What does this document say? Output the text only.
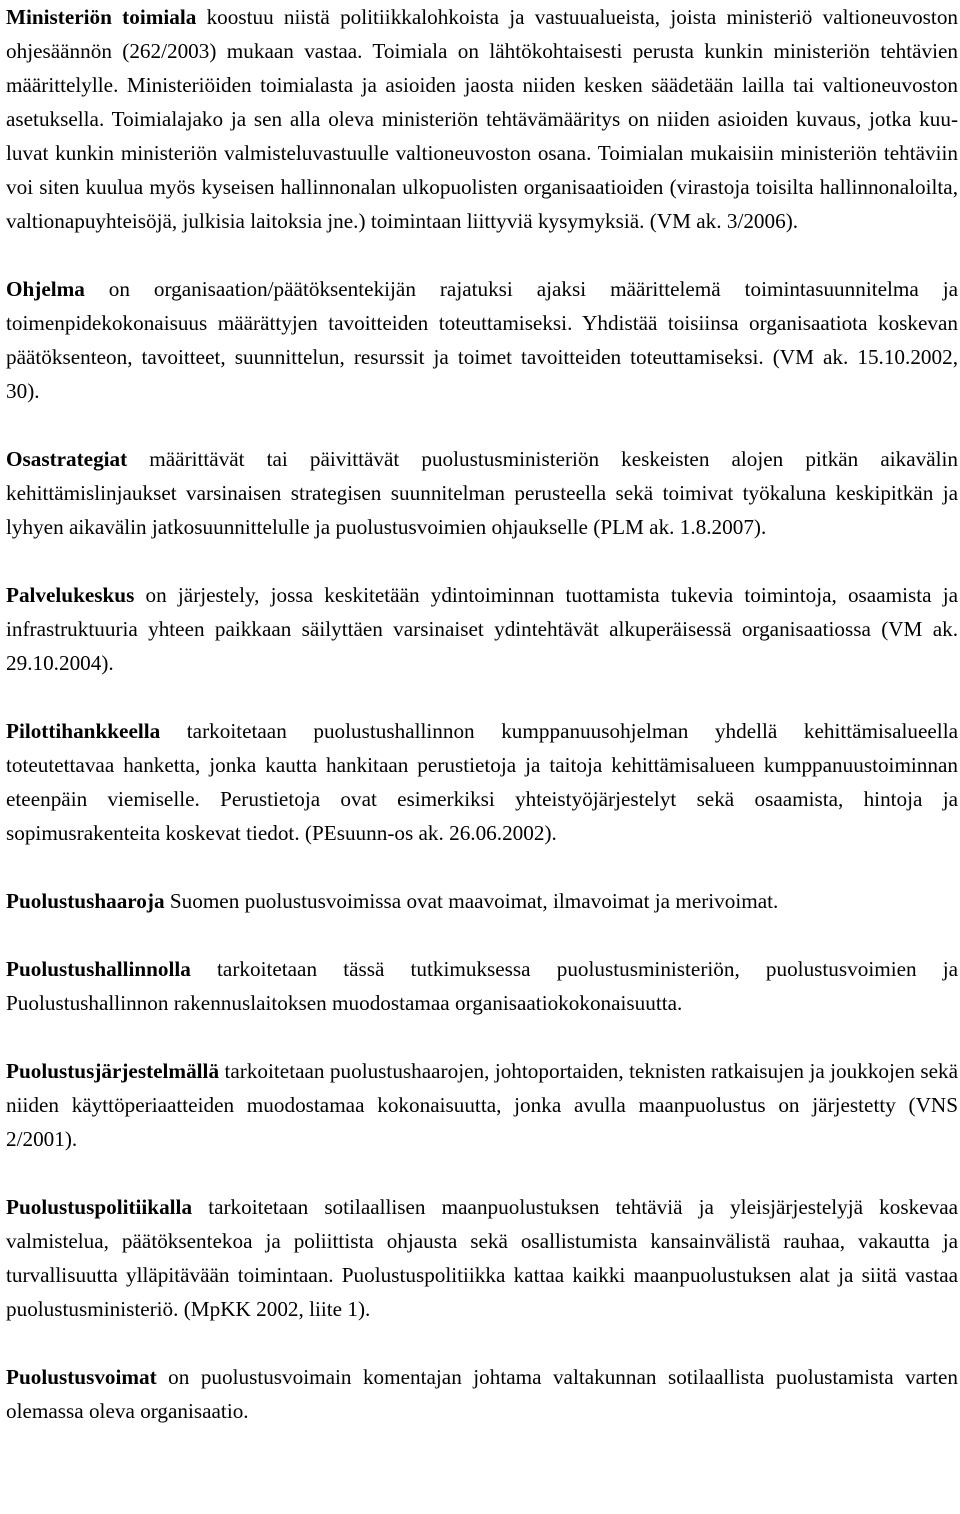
Ministeriön toimiala koostuu niistä politiikkalohkoista ja vastuualueista, joista ministeriö valtioneuvoston ohjesäännön (262/2003) mukaan vastaa. Toimiala on lähtökohtaisesti perusta kunkin ministeriön tehtävien määrittelylle. Ministeriöiden toimialasta ja asioiden jaosta niiden kesken säädetään lailla tai valtioneuvoston asetuksella. Toimialajako ja sen alla oleva ministeriön tehtävämääritys on niiden asioiden kuvaus, jotka kuuluvat kunkin ministeriön valmisteluvastuulle valtioneuvoston osana. Toimialan mukaisiin ministeriön tehtäviin voi siten kuulua myös kyseisen hallinnonalan ulkopuolisten organisaatioiden (virastoja toisilta hallinnonaloilta, valtionapuyhteisöjä, julkisia laitoksia jne.) toimintaan liittyviä kysymyksiä. (VM ak. 3/2006).

Ohjelma on organisaation/päätöksentekijän rajatuksi ajaksi määrittelemä toimintasuunnitelma ja toimenpidekokonaisuus määrättyjen tavoitteiden toteuttamiseksi. Yhdistää toisiinsa organisaatiota koskevan päätöksenteon, tavoitteet, suunnittelun, resurssit ja toimet tavoitteiden toteuttamiseksi. (VM ak. 15.10.2002, 30).

Osastrategiat määrittävät tai päivittävät puolustusministeriön keskeisten alojen pitkän aikavälin kehittämislinjaukset varsinaisen strategisen suunnitelman perusteella sekä toimivat työkaluna keskipitkän ja lyhyen aikavälin jatkosuunnittelulle ja puolustusvoimien ohjaukselle (PLM ak. 1.8.2007).

Palvelukeskus on järjestely, jossa keskitetään ydintoiminnan tuottamista tukevia toimintoja, osaamista ja infrastruktuuria yhteen paikkaan säilyttäen varsinaiset ydintehtävät alkuperäisessä organisaatiossa (VM ak. 29.10.2004).

Pilottihankkeella tarkoitetaan puolustushallinnon kumppanuusohjelman yhdellä kehittämisalueella toteutettavaa hanketta, jonka kautta hankitaan perustietoja ja taitoja kehittämisalueen kumppanuustoiminnan eteenpäin viemiselle. Perustietoja ovat esimerkiksi yhteistyöjärjestelyt sekä osaamista, hintoja ja sopimusrakenteita koskevat tiedot. (PEsuunn-os ak. 26.06.2002).

Puolustushaaroja Suomen puolustusvoimissa ovat maavoimat, ilmavoimat ja merivoimat.

Puolustushallinnolla tarkoitetaan tässä tutkimuksessa puolustusministeriön, puolustusvoimien ja Puolustushallinnon rakennuslaitoksen muodostamaa organisaatiokokonaisuutta.

Puolustusjärjestelmällä tarkoitetaan puolustushaarojen, johtoportaiden, teknisten ratkaisujen ja joukkojen sekä niiden käyttöperiaatteiden muodostamaa kokonaisuutta, jonka avulla maanpuolustus on järjestetty (VNS 2/2001).

Puolustuspolitiikalla tarkoitetaan sotilaallisen maanpuolustuksen tehtäviä ja yleisjärjestelyjä koskevaa valmistelua, päätöksentekoa ja poliittista ohjausta sekä osallistumista kansainvälistä rauhaa, vakautta ja turvallisuutta ylläpitävään toimintaan. Puolustuspolitiikka kattaa kaikki maanpuolustuksen alat ja siitä vastaa puolustusministeriö. (MpKK 2002, liite 1).

Puolustusvoimat on puolustusvoimain komentajan johtama valtakunnan sotilaallista puolustamista varten olemassa oleva organisaatio.
